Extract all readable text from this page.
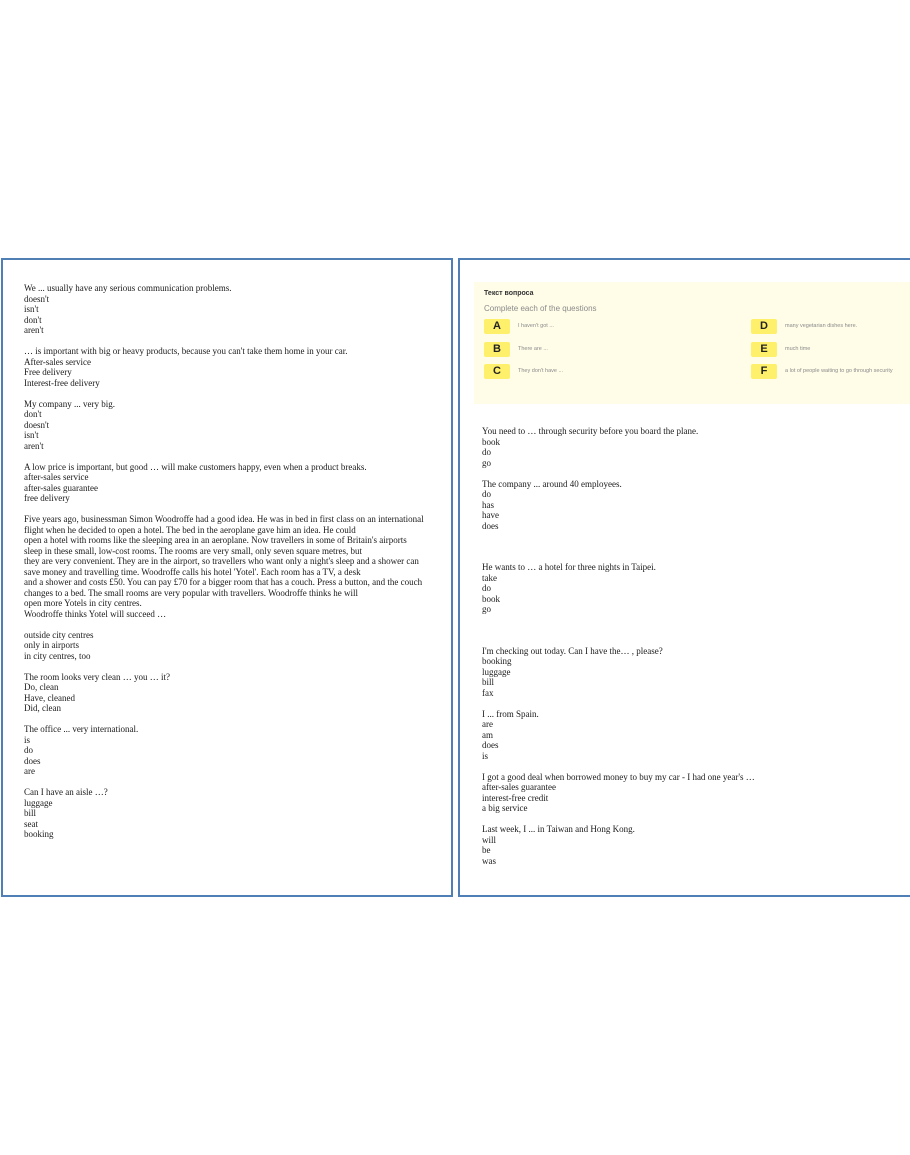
We ... usually have any serious communication problems.
doesn't
isn't
don't
aren't
… is important with big or heavy products, because you can't take them home in your car.
After-sales service
Free delivery
Interest-free delivery
My company ... very big.
don't
doesn't
isn't
aren't
A low price is important, but good … will make customers happy, even when a product breaks.
after-sales service
after-sales guarantee
free delivery
Five years ago, businessman Simon Woodroffe had a good idea. He was in bed in first class on an international
flight when he decided to open a hotel. The bed in the aeroplane gave him an idea. He could
open a hotel with rooms like the sleeping area in an aeroplane. Now travellers in some of Britain's airports
sleep in these small, low-cost rooms. The rooms are very small, only seven square metres, but
they are very convenient. They are in the airport, so travellers who want only a night's sleep and a shower can
save money and travelling time. Woodroffe calls his hotel 'Yotel'. Each room has a TV, a desk
and a shower and costs £50. You can pay £70 for a bigger room that has a couch. Press a button, and the couch
changes to a bed. The small rooms are very popular with travellers. Woodroffe thinks he will
open more Yotels in city centres.
Woodroffe thinks Yotel will succeed …
outside city centres
only in airports
in city centres, too
The room looks very clean … you … it?
Do, clean
Have, cleaned
Did, clean
The office ... very international.
is
do
does
are
Can I have an aisle …?
luggage
bill
seat
booking
Текст вопроса
Complete each of the questions
A	I haven't got ...
B	There are ...
C	They don't have ...
D	many vegetarian dishes here.
E	much time
F	a lot of people waiting to go through security
You need to … through security before you board the plane.
book
do
go
The company ... around 40 employees.
do
has
have
does
He wants to … a hotel for three nights in Taipei.
take
do
book
go
I'm checking out today. Can I have the… , please?
booking
luggage
bill
fax
I ... from Spain.
are
am
does
is
I got a good deal when borrowed money to buy my car - I had one year's …
after-sales guarantee
interest-free credit
a big service
Last week, I ... in Taiwan and Hong Kong.
will
be
was
